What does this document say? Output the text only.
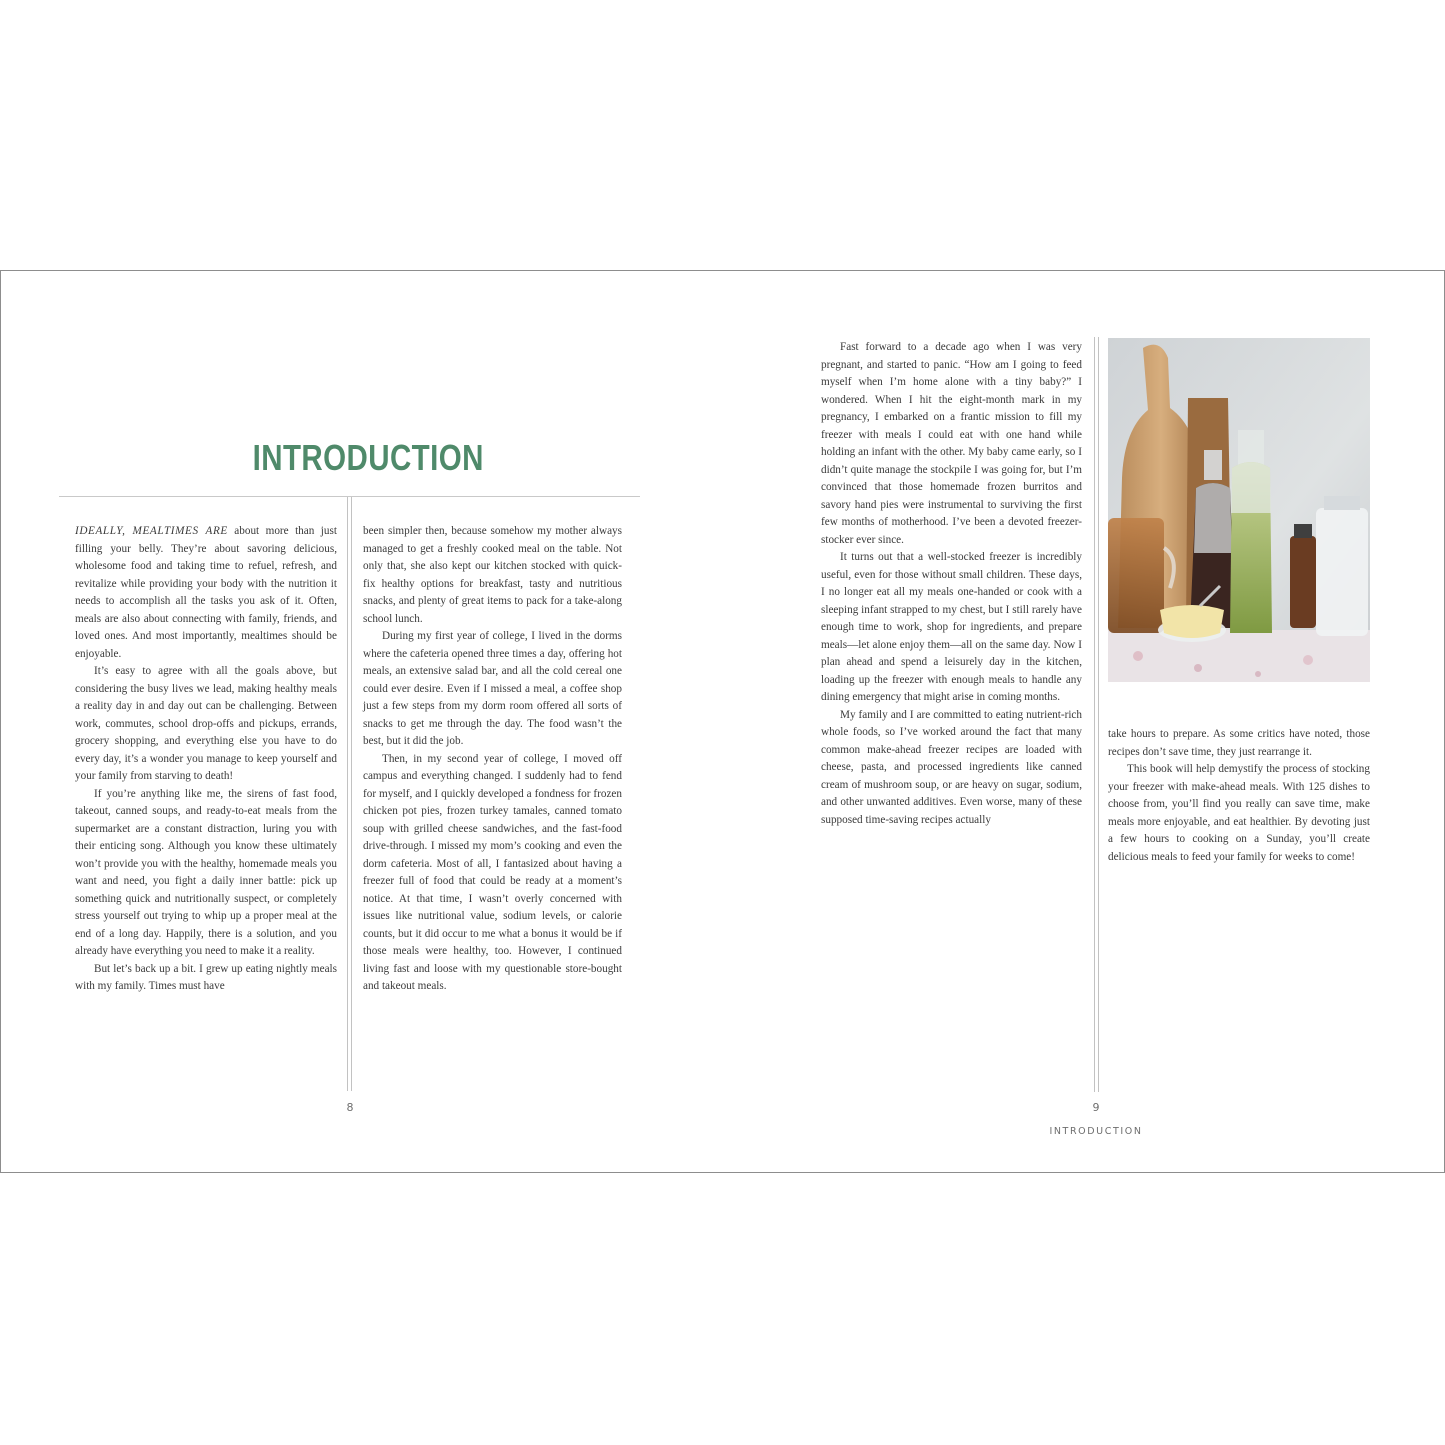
INTRODUCTION

IDEALLY, MEALTIMES ARE about more than just filling your belly. They’re about savoring delicious, wholesome food and taking time to refuel, refresh, and revitalize while providing your body with the nutrition it needs to accomplish all the tasks you ask of it. Often, meals are also about connecting with family, friends, and loved ones. And most importantly, mealtimes should be enjoyable.

It’s easy to agree with all the goals above, but considering the busy lives we lead, making healthy meals a reality day in and day out can be challenging. Between work, commutes, school drop-offs and pickups, errands, grocery shopping, and everything else you have to do every day, it’s a wonder you manage to keep yourself and your family from starving to death!

If you’re anything like me, the sirens of fast food, takeout, canned soups, and ready-to-eat meals from the supermarket are a constant distraction, luring you with their enticing song. Although you know these ultimately won’t provide you with the healthy, homemade meals you want and need, you fight a daily inner battle: pick up something quick and nutritionally suspect, or completely stress yourself out trying to whip up a proper meal at the end of a long day. Happily, there is a solution, and you already have everything you need to make it a reality.

But let’s back up a bit. I grew up eating nightly meals with my family. Times must have

been simpler then, because somehow my mother always managed to get a freshly cooked meal on the table. Not only that, she also kept our kitchen stocked with quick-fix healthy options for breakfast, tasty and nutritious snacks, and plenty of great items to pack for a take-along school lunch.

During my first year of college, I lived in the dorms where the cafeteria opened three times a day, offering hot meals, an extensive salad bar, and all the cold cereal one could ever desire. Even if I missed a meal, a coffee shop just a few steps from my dorm room offered all sorts of snacks to get me through the day. The food wasn’t the best, but it did the job.

Then, in my second year of college, I moved off campus and everything changed. I suddenly had to fend for myself, and I quickly developed a fondness for frozen chicken pot pies, frozen turkey tamales, canned tomato soup with grilled cheese sandwiches, and the fast-food drive-through. I missed my mom’s cooking and even the dorm cafeteria. Most of all, I fantasized about having a freezer full of food that could be ready at a moment’s notice. At that time, I wasn’t overly concerned with issues like nutritional value, sodium levels, or calorie counts, but it did occur to me what a bonus it would be if those meals were healthy, too. However, I continued living fast and loose with my questionable store-bought and takeout meals.

8

Fast forward to a decade ago when I was very pregnant, and started to panic. “How am I going to feed myself when I’m home alone with a tiny baby?” I wondered. When I hit the eight-month mark in my pregnancy, I embarked on a frantic mission to fill my freezer with meals I could eat with one hand while holding an infant with the other. My baby came early, so I didn’t quite manage the stockpile I was going for, but I’m convinced that those homemade frozen burritos and savory hand pies were instrumental to surviving the first few months of motherhood. I’ve been a devoted freezer-stocker ever since.

It turns out that a well-stocked freezer is incredibly useful, even for those without small children. These days, I no longer eat all my meals one-handed or cook with a sleeping infant strapped to my chest, but I still rarely have enough time to work, shop for ingredients, and prepare meals—let alone enjoy them—all on the same day. Now I plan ahead and spend a leisurely day in the kitchen, loading up the freezer with enough meals to handle any dining emergency that might arise in coming months.

My family and I are committed to eating nutrient-rich whole foods, so I’ve worked around the fact that many common make-ahead freezer recipes are loaded with cheese, pasta, and processed ingredients like canned cream of mushroom soup, or are heavy on sugar, sodium, and other unwanted additives. Even worse, many of these supposed time-saving recipes actually

take hours to prepare. As some critics have noted, those recipes don’t save time, they just rearrange it.

This book will help demystify the process of stocking your freezer with make-ahead meals. With 125 dishes to choose from, you’ll find you really can save time, make meals more enjoyable, and eat healthier. By devoting just a few hours to cooking on a Sunday, you’ll create delicious meals to feed your family for weeks to come!

9
INTRODUCTION
